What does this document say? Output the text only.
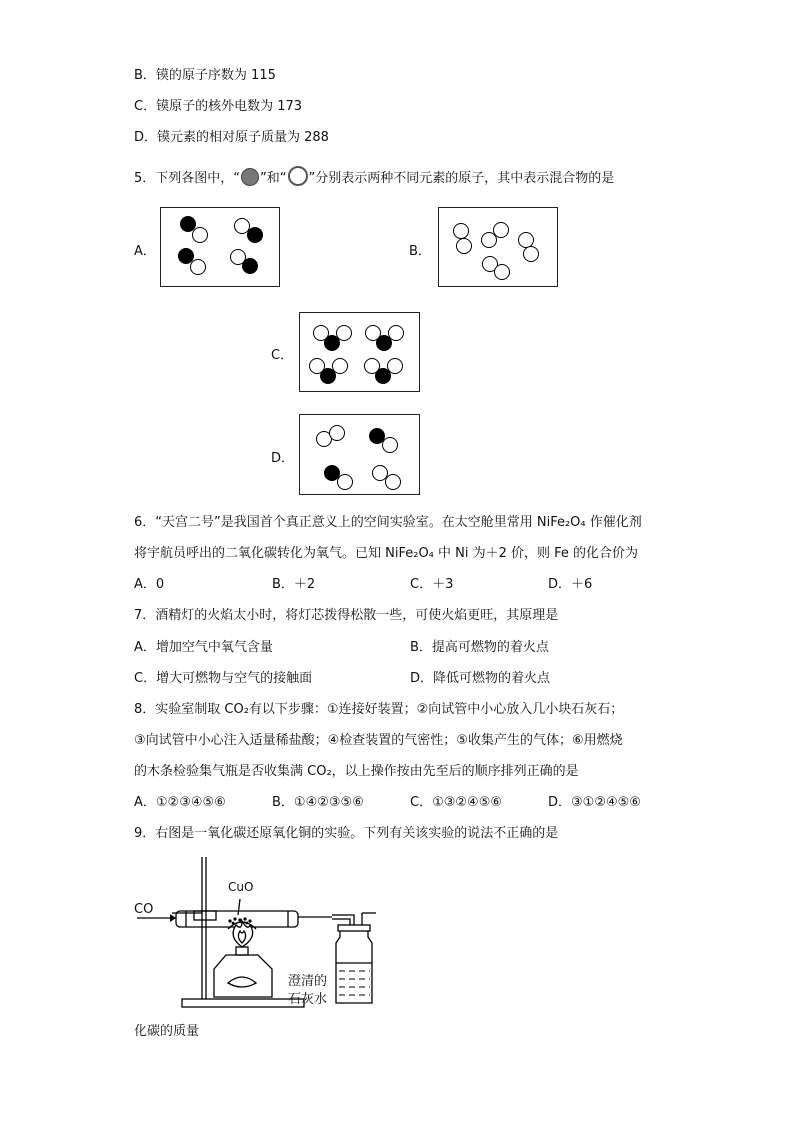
B．镆的原子序数为 115
C．镆原子的核外电数为 173
D．镆元素的相对原子质量为 288
5．下列各图中，“ ”和“ ”分别表示两种不同元素的原子，其中表示混合物的是
A．	B．
C．
D．
6．“天宫二号”是我国首个真正意义上的空间实验室。在太空舱里常用 NiFe₂O₄ 作催化剂
将宇航员呼出的二氧化碳转化为氧气。已知 NiFe₂O₄ 中 Ni 为＋2 价，则 Fe 的化合价为
A．0	B．＋2	C．＋3	D．＋6
7．酒精灯的火焰太小时，将灯芯拨得松散一些，可使火焰更旺，其原理是
A．增加空气中氧气含量	B．提高可燃物的着火点
C．增大可燃物与空气的接触面	D．降低可燃物的着火点
8．实验室制取 CO₂有以下步骤：①连接好装置；②向试管中小心放入几小块石灰石；
③向试管中小心注入适量稀盐酸；④检查装置的气密性；⑤收集产生的气体；⑥用燃烧
的木条检验集气瓶是否收集满 CO₂，以上操作按由先至后的顺序排列正确的是
A．①②③④⑤⑥	B．①④②③⑤⑥	C．①③②④⑤⑥	D．③①②④⑤⑥
9．右图是一氧化碳还原氧化铜的实验。下列有关该实验的说法不正确的是
CO
CuO
澄清的
石灰水
化碳的质量
